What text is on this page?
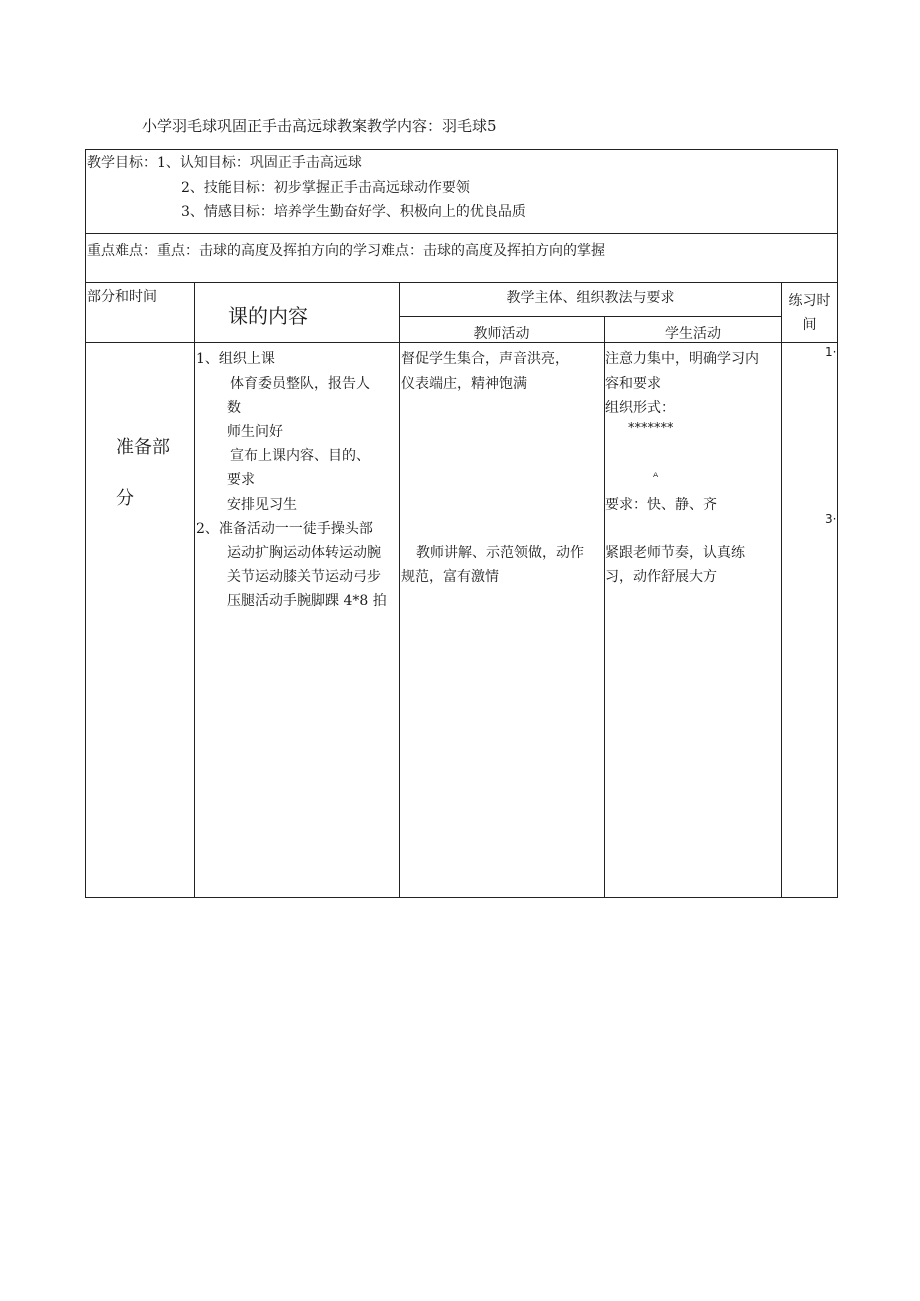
小学羽毛球巩固正手击高远球教案教学内容：羽毛球5
教学目标：1、认知目标：巩固正手击高远球
2、技能目标：初步掌握正手击高远球动作要领
3、情感目标：培养学生勤奋好学、积极向上的优良品质
重点难点：重点：击球的高度及挥拍方向的学习难点：击球的高度及挥拍方向的掌握
部分和时间
课的内容
教学主体、组织教法与要求
教师活动	学生活动
练习时
间
准备部
分
1、组织上课
体育委员整队，报告人
数
师生问好
宣布上课内容、目的、
要求
安排见习生
2、准备活动一一徒手操头部
运动扩胸运动体转运动腕
关节运动膝关节运动弓步
压腿活动手腕脚踝 4*8 拍
督促学生集合，声音洪亮，
仪表端庄，精神饱满
教师讲解、示范领做，动作
规范，富有激情
注意力集中，明确学习内
容和要求
组织形式：
*******
ᴬ
要求：快、静、齐
紧跟老师节奏，认真练
习，动作舒展大方
1·
3·
